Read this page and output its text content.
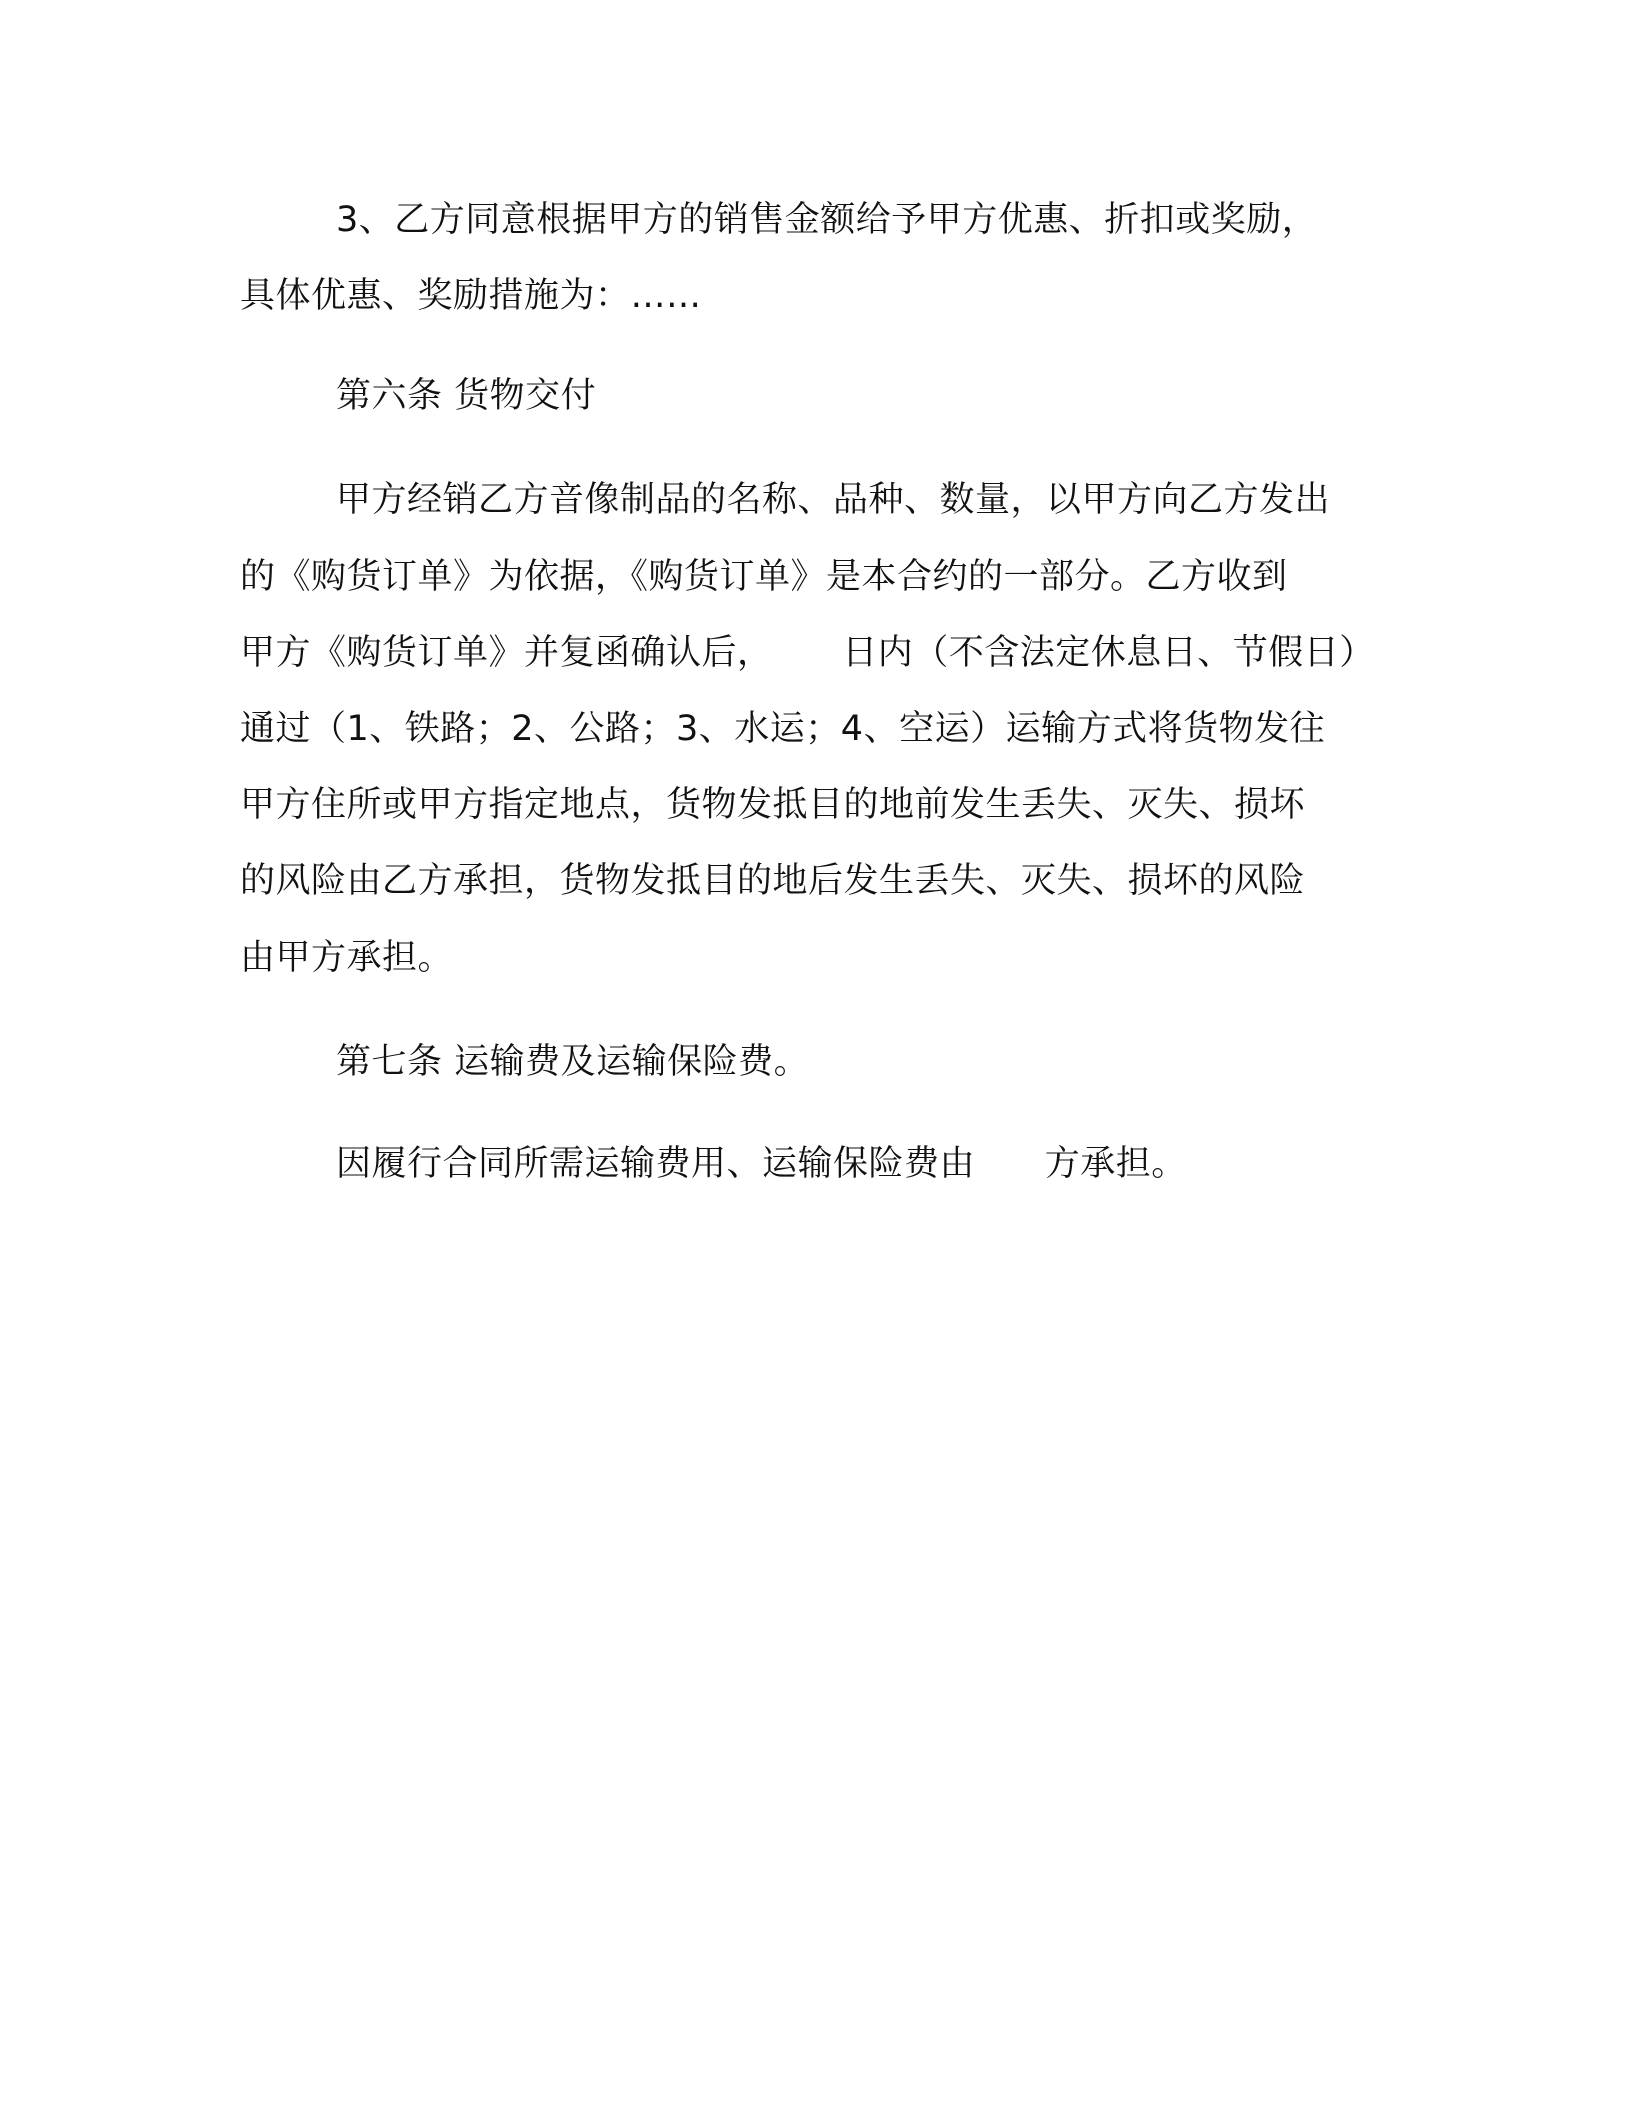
3、乙方同意根据甲方的销售金额给予甲方优惠、折扣或奖励，
具体优惠、奖励措施为：……
第六条 货物交付
甲方经销乙方音像制品的名称、品种、数量，以甲方向乙方发出
的《购货订单》为依据，《购货订单》是本合约的一部分。乙方收到
甲方《购货订单》并复函确认后，      日内（不含法定休息日、节假日）
通过（1、铁路；2、公路；3、水运；4、空运）运输方式将货物发往
甲方住所或甲方指定地点，货物发抵目的地前发生丢失、灭失、损坏
的风险由乙方承担，货物发抵目的地后发生丢失、灭失、损坏的风险
由甲方承担。
第七条 运输费及运输保险费。
因履行合同所需运输费用、运输保险费由      方承担。
